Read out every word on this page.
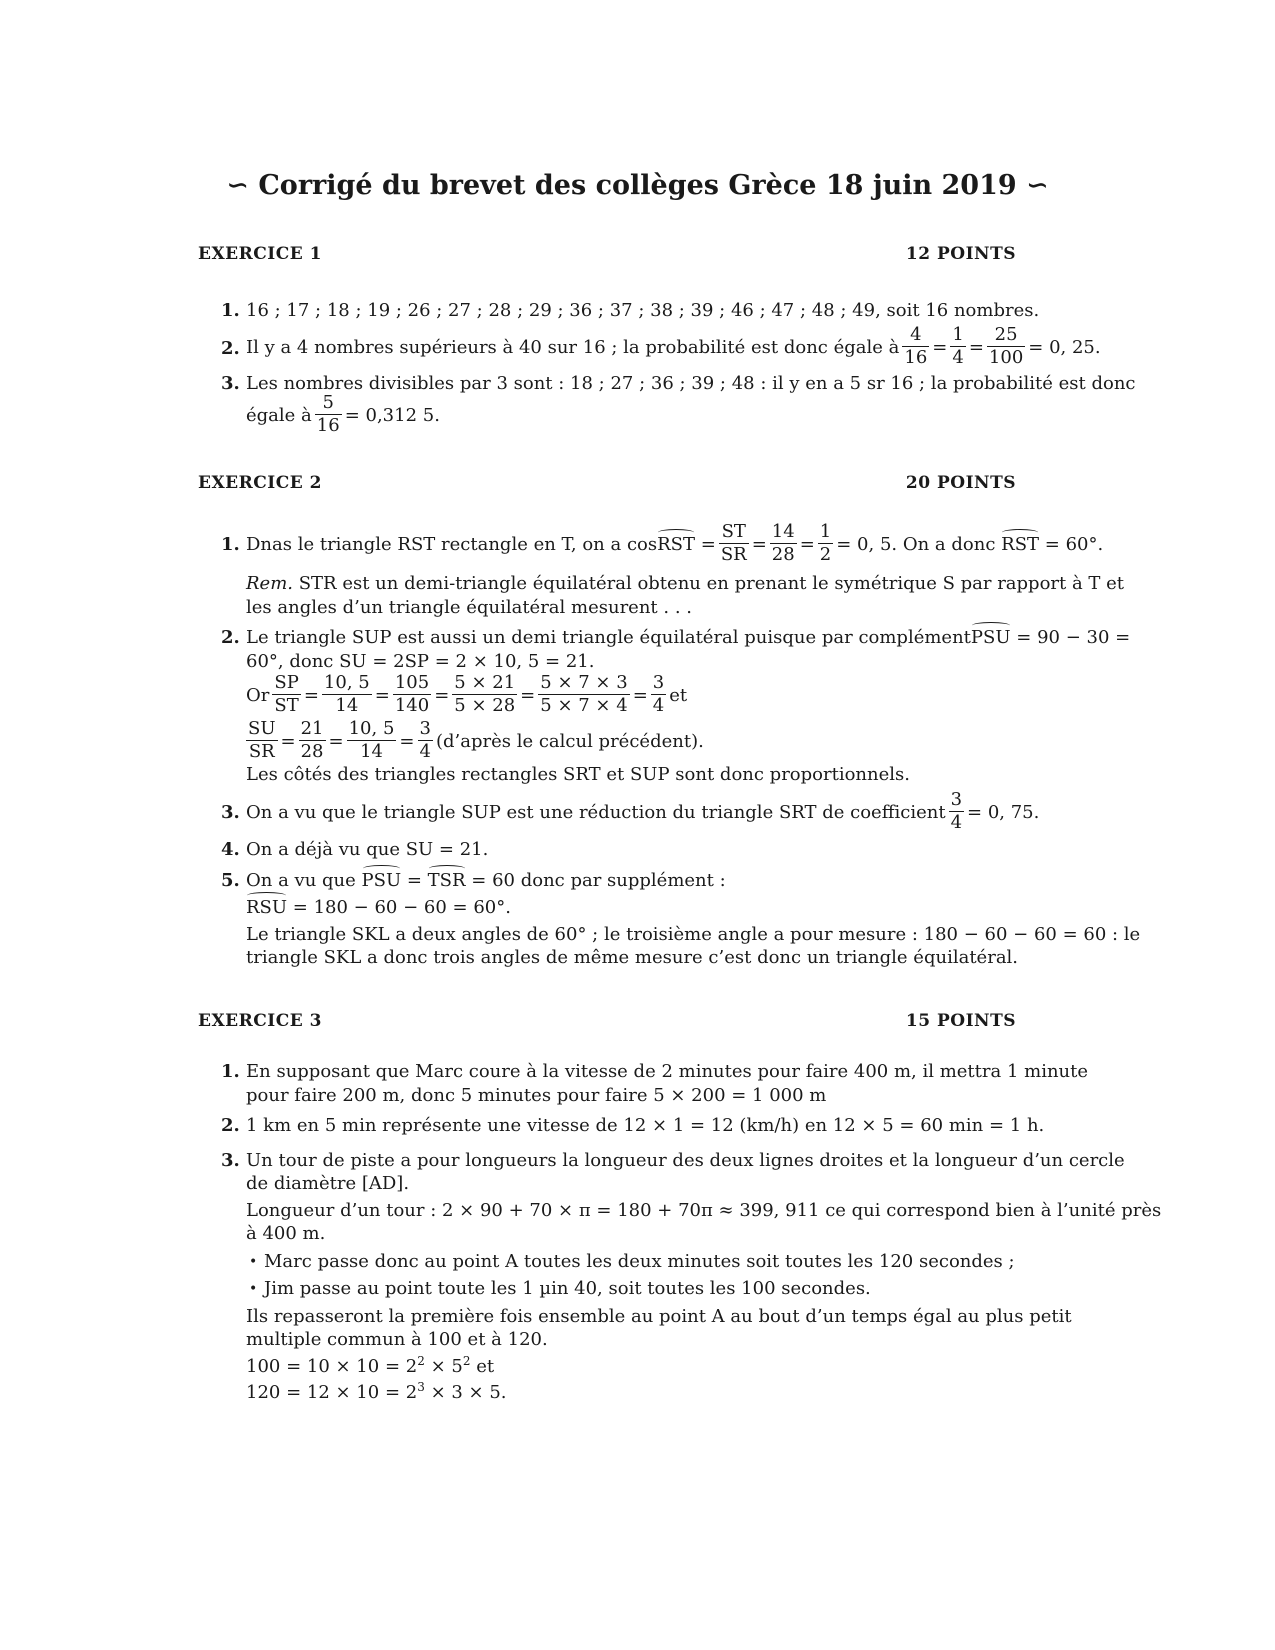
∽ Corrigé du brevet des collèges Grèce 18 juin 2019 ∽
EXERCICE 1	12 POINTS
1. 16 ; 17 ; 18 ; 19 ; 26 ; 27 ; 28 ; 29 ; 36 ; 37 ; 38 ; 39 ; 46 ; 47 ; 48 ; 49, soit 16 nombres.
2. Il y a 4 nombres supérieurs à 40 sur 16 ; la probabilité est donc égale à $\frac{4}{16} = \frac{1}{4} = \frac{25}{100} = 0$, 25.
3. Les nombres divisibles par 3 sont : 18 ; 27 ; 36 ; 39 ; 48 : il y en a 5 sr 16 ; la probabilité est donc
égale à $\frac{5}{16} = 0,312$ 5.
EXERCICE 2	20 POINTS
1. Dnas le triangle RST rectangle en T, on a cos RST = $\frac{ST}{SR} = \frac{14}{28} = \frac{1}{2} = 0$, 5. On a donc
RST
= 60°.
Rem. STR est un demi-triangle équilatéral obtenu en prenant le symétrique S par rapport à T et
les angles d’un triangle équilatéral mesurent . . .
2. Le triangle SUP est aussi un demi triangle équilatéral puisque par complément PSU = 90 − 30 =
60°, donc SU = 2SP = 2 × 10, 5 = 21.
Or $\frac{SP}{ST} = \frac{10, 5}{14} = \frac{105}{140} = \frac{5 \times 21}{5 \times 28} = \frac{5 \times 7 \times 3}{5 \times 7 \times 4} = \frac{3}{4}$ et
$\frac{SU}{SR} = \frac{21}{28} = \frac{10, 5}{14} = \frac{3}{4}$ (d’après le calcul précédent).
Les côtés des triangles rectangles SRT et SUP sont donc proportionnels.
3. On a vu que le triangle SUP est une réduction du triangle SRT de coefficient $\frac{3}{4} = 0$, 75.
4. On a déjà vu que SU = 21.
5. On a vu que PSU = TSR = 60 donc par supplément :
RSU = 180 − 60 − 60 = 60°.
Le triangle SKL a deux angles de 60° ; le troisième angle a pour mesure : 180 − 60 − 60 = 60 : le
triangle SKL a donc trois angles de même mesure c’est donc un triangle équilatéral.
EXERCICE 3	15 POINTS
1. En supposant que Marc coure à la vitesse de 2 minutes pour faire 400 m, il mettra 1 minute
pour faire 200 m, donc 5 minutes pour faire 5 × 200 = 1 000 m
2. 1 km en 5 min représente une vitesse de 12 × 1 = 12 (km/h) en 12 × 5 = 60 min = 1 h.
3. Un tour de piste a pour longueurs la longueur des deux lignes droites et la longueur d’un cercle
de diamètre [AD].
Longueur d’un tour : 2 × 90 + 70 × π = 180 + 70π ≈ 399, 911 ce qui correspond bien à l’unité près
à 400 m.
• Marc passe donc au point A toutes les deux minutes soit toutes les 120 secondes ;
• Jim passe au point toute les 1 µin 40, soit toutes les 100 secondes.
Ils repasseront la première fois ensemble au point A au bout d’un temps égal au plus petit
multiple commun à 100 et à 120.
$100 = 10 \times 10 = 2^2 \times 5^2$ et
$120 = 12 \times 10 = 2^3 \times 3 \times 5$.
